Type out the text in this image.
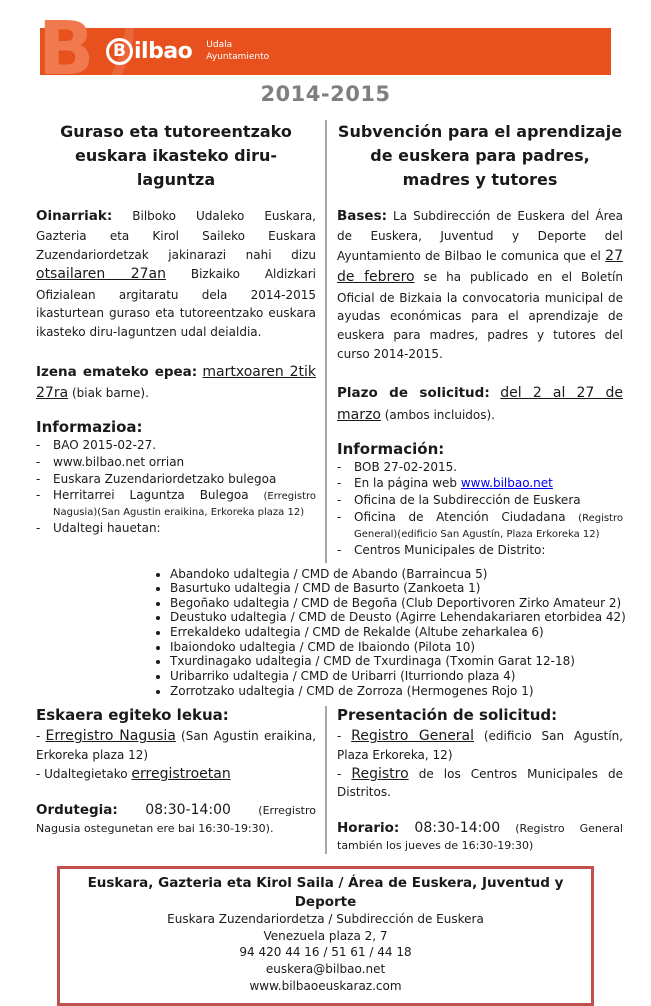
B	B ilbao Udala
Ayuntamiento
2014-2015
Guraso eta tutoreentzako euskara ikasteko diru-laguntza

Oinarriak: Bilboko Udaleko Euskara, Gazteria eta Kirol Saileko Euskara Zuzendariordetzak jakinarazi nahi dizu otsailaren 27an Bizkaiko Aldizkari Ofizialean argitaratu dela 2014-2015 ikasturtean guraso eta tutoreentzako euskara ikasteko diru-laguntzen udal deialdia.

Izena emateko epea: martxoaren 2tik 27ra (biak barne).

Informazioa:
- BAO 2015-02-27.
- www.bilbao.net orrian
- Euskara Zuzendariordetzako bulegoa
- Herritarrei Laguntza Bulegoa (Erregistro Nagusia)(San Agustin eraikina, Erkoreka plaza 12)
- Udaltegi hauetan:
Subvención para el aprendizaje de euskera para padres, madres y tutores

Bases: La Subdirección de Euskera del Área de Euskera, Juventud y Deporte del Ayuntamiento de Bilbao le comunica que el 27 de febrero se ha publicado en el Boletín Oficial de Bizkaia la convocatoria municipal de ayudas económicas para el aprendizaje de euskera para madres, padres y tutores del curso 2014-2015.

Plazo de solicitud: del 2 al 27 de marzo (ambos incluidos).

Información:
- BOB 27-02-2015.
- En la página web www.bilbao.net
- Oficina de la Subdirección de Euskera
- Oficina de Atención Ciudadana (Registro General)(edificio San Agustín, Plaza Erkoreka 12)
- Centros Municipales de Distrito:
• Abandoko udaltegia / CMD de Abando (Barraincua 5)
• Basurtuko udaltegia / CMD de Basurto (Zankoeta 1)
• Begoñako udaltegia / CMD de Begoña (Club Deportivoren Zirko Amateur 2)
• Deustuko udaltegia / CMD de Deusto (Agirre Lehendakariaren etorbidea 42)
• Errekaldeko udaltegia / CMD de Rekalde (Altube zeharkalea 6)
• Ibaiondoko udaltegia / CMD de Ibaiondo (Pilota 10)
• Txurdinagako udaltegia / CMD de Txurdinaga (Txomin Garat 12-18)
• Uribarriko udaltegia / CMD de Uribarri (Iturriondo plaza 4)
• Zorrotzako udaltegia / CMD de Zorroza (Hermogenes Rojo 1)
Eskaera egiteko lekua:
- Erregistro Nagusia (San Agustin eraikina, Erkoreka plaza 12)
- Udaltegietako erregistroetan

Ordutegia: 08:30-14:00 (Erregistro Nagusia ostegunetan ere bai 16:30-19:30).

Presentación de solicitud:
- Registro General (edificio San Agustín, Plaza Erkoreka, 12)
- Registro de los Centros Municipales de Distritos.

Horario: 08:30-14:00 (Registro General también los jueves de 16:30-19:30)

Euskara, Gazteria eta Kirol Saila / Área de Euskera, Juventud y Deporte
Euskara Zuzendariordetza / Subdirección de Euskera
Venezuela plaza 2, 7
94 420 44 16 / 51 61 / 44 18
euskera@bilbao.net
www.bilbaoeuskaraz.com
